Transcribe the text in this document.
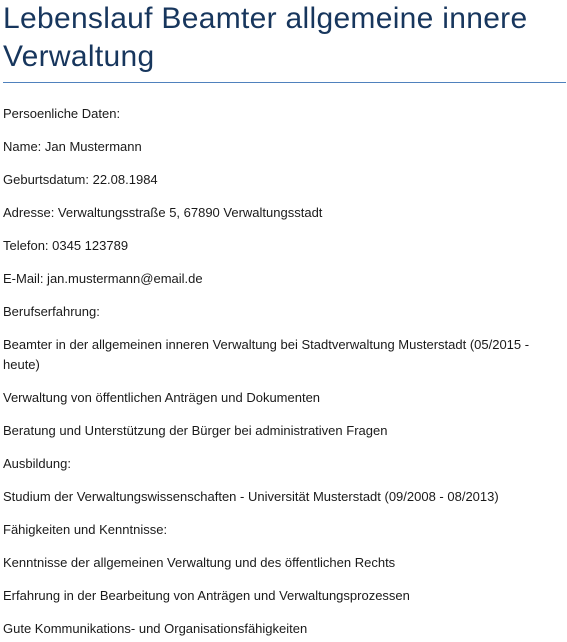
Lebenslauf Beamter allgemeine innere Verwaltung

Persoenliche Daten:

Name: Jan Mustermann

Geburtsdatum: 22.08.1984

Adresse: Verwaltungsstraße 5, 67890 Verwaltungsstadt

Telefon: 0345 123789

E-Mail: jan.mustermann@email.de

Berufserfahrung:

Beamter in der allgemeinen inneren Verwaltung bei Stadtverwaltung Musterstadt (05/2015 - heute)

Verwaltung von öffentlichen Anträgen und Dokumenten

Beratung und Unterstützung der Bürger bei administrativen Fragen

Ausbildung:

Studium der Verwaltungswissenschaften - Universität Musterstadt (09/2008 - 08/2013)

Fähigkeiten und Kenntnisse:

Kenntnisse der allgemeinen Verwaltung und des öffentlichen Rechts

Erfahrung in der Bearbeitung von Anträgen und Verwaltungsprozessen

Gute Kommunikations- und Organisationsfähigkeiten
